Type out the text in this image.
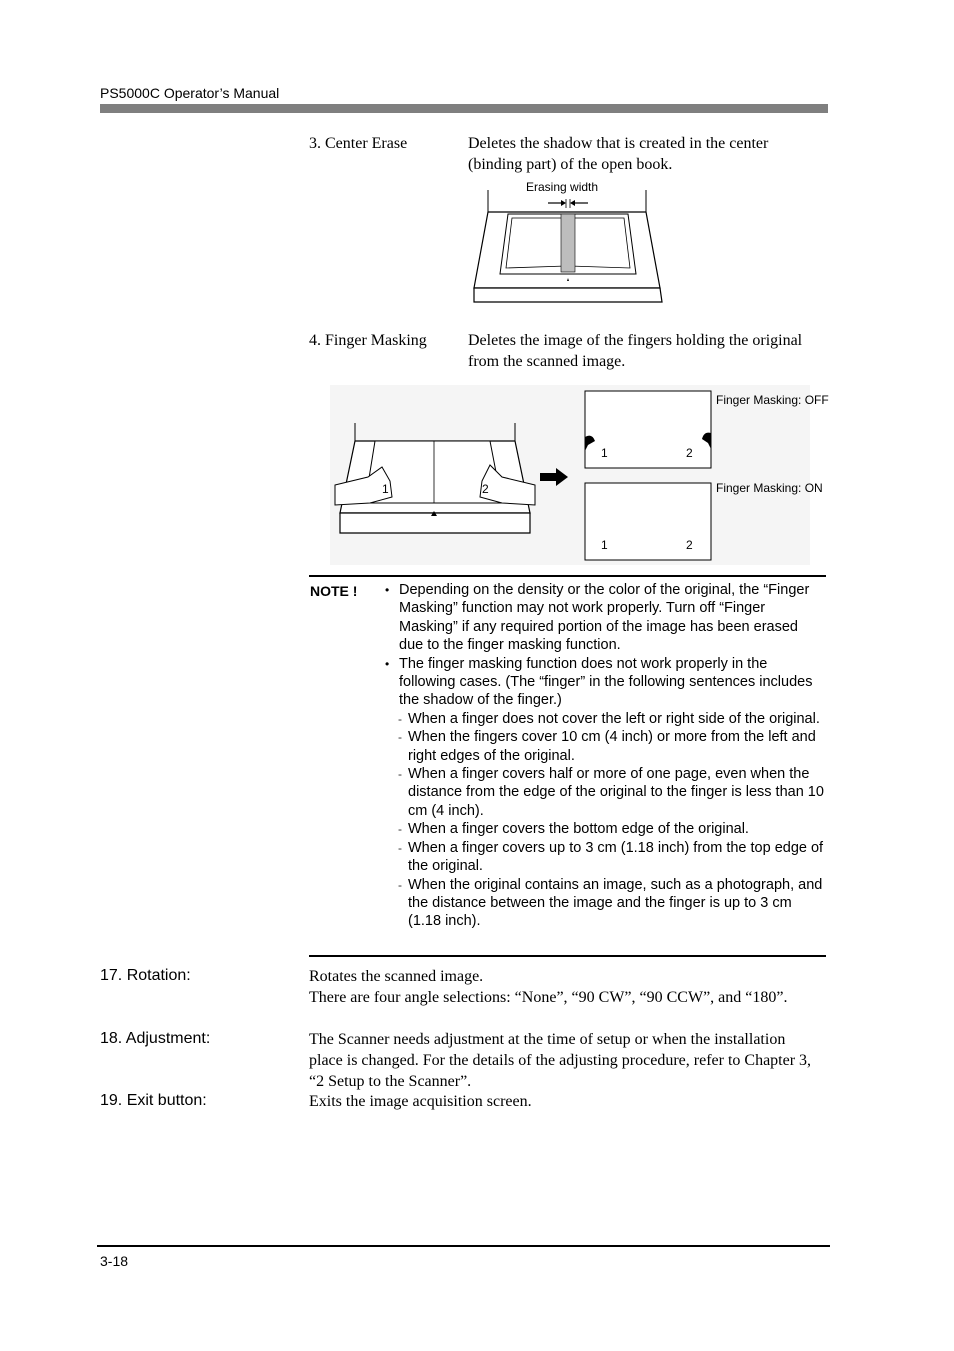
PS5000C Operator’s Manual
3. Center Erase	Deletes the shadow that is created in the center (binding part) of the open book.
Erasing width
4. Finger Masking	Deletes the image of the fingers holding the original from the scanned image.
1	2
1	2
1	2
Finger Masking: OFF
Finger Masking: ON
NOTE !	• Depending on the density or the color of the original, the “Finger Masking” function may not work properly. Turn off “Finger Masking” if any required portion of the image has been erased due to the finger masking function.
• The finger masking function does not work properly in the following cases. (The “finger” in the following sentences includes the shadow of the finger.)
- When a finger does not cover the left or right side of the original.
- When the fingers cover 10 cm (4 inch) or more from the left and right edges of the original.
- When a finger covers half or more of one page, even when the distance from the edge of the original to the finger is less than 10 cm (4 inch).
- When a finger covers the bottom edge of the original.
- When a finger covers up to 3 cm (1.18 inch) from the top edge of the original.
- When the original contains an image, such as a photograph, and the distance between the image and the finger is up to 3 cm (1.18 inch).
17. Rotation:	Rotates the scanned image.
There are four angle selections: “None”, “90 CW”, “90 CCW”, and “180”.
18. Adjustment:	The Scanner needs adjustment at the time of setup or when the installation place is changed. For the details of the adjusting procedure, refer to Chapter 3, “2 Setup to the Scanner”.
19. Exit button:	Exits the image acquisition screen.
3-18
